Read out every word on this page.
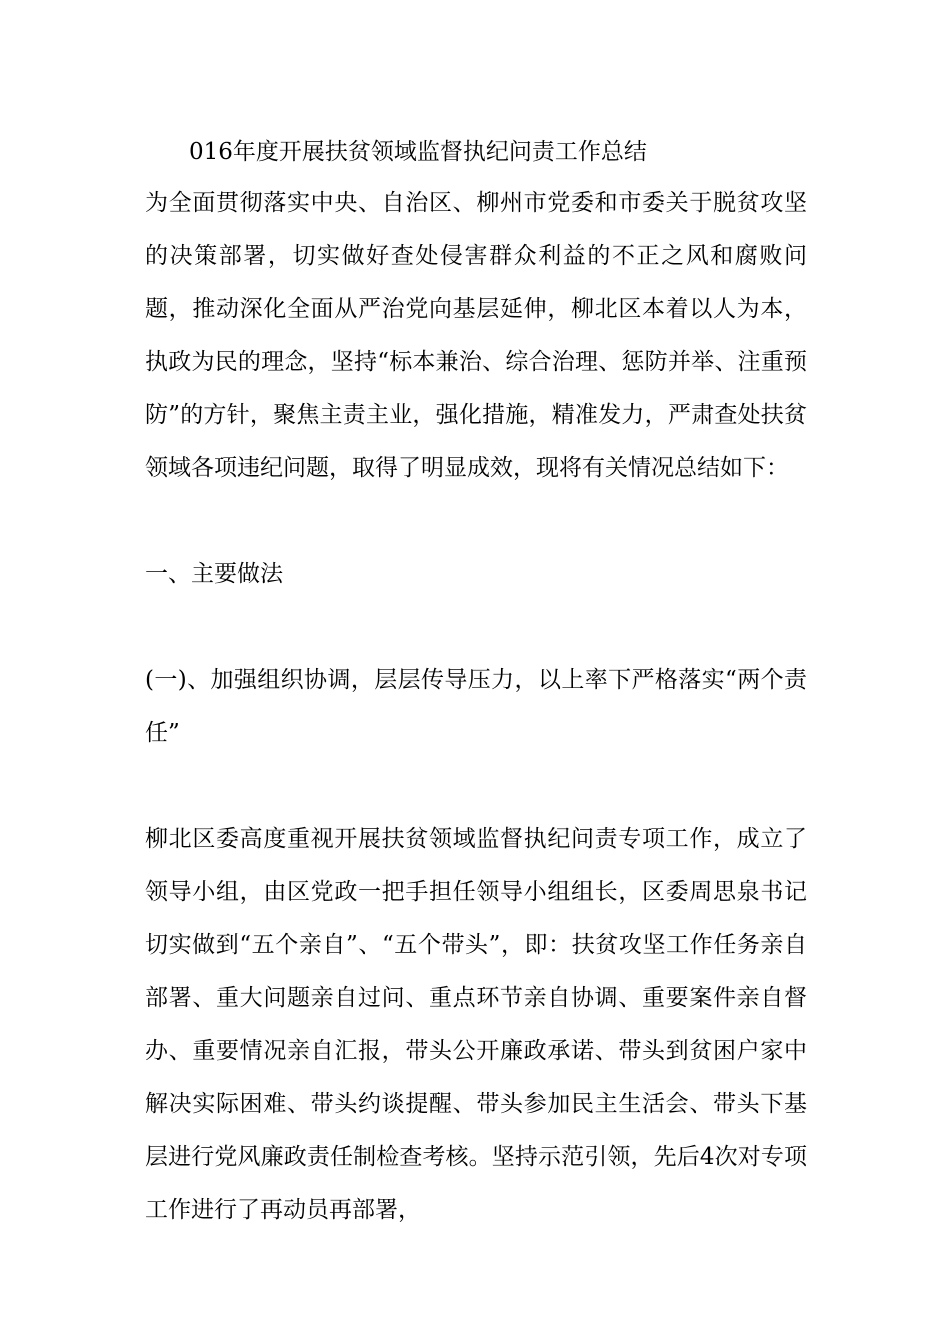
016年度开展扶贫领域监督执纪问责工作总结

为全面贯彻落实中央、自治区、柳州市党委和市委关于脱贫攻坚的决策部署，切实做好查处侵害群众利益的不正之风和腐败问题，推动深化全面从严治党向基层延伸，柳北区本着以人为本，执政为民的理念，坚持“标本兼治、综合治理、惩防并举、注重预防”的方针，聚焦主责主业，强化措施，精准发力，严肃查处扶贫领域各项违纪问题，取得了明显成效，现将有关情况总结如下：

一、主要做法

(一)、加强组织协调，层层传导压力，以上率下严格落实“两个责任”

柳北区委高度重视开展扶贫领域监督执纪问责专项工作，成立了领导小组，由区党政一把手担任领导小组组长，区委周思泉书记切实做到“五个亲自”、“五个带头”，即：扶贫攻坚工作任务亲自部署、重大问题亲自过问、重点环节亲自协调、重要案件亲自督办、重要情况亲自汇报，带头公开廉政承诺、带头到贫困户家中解决实际困难、带头约谈提醒、带头参加民主生活会、带头下基层进行党风廉政责任制检查考核。坚持示范引领，先后4次对专项工作进行了再动员再部署，
